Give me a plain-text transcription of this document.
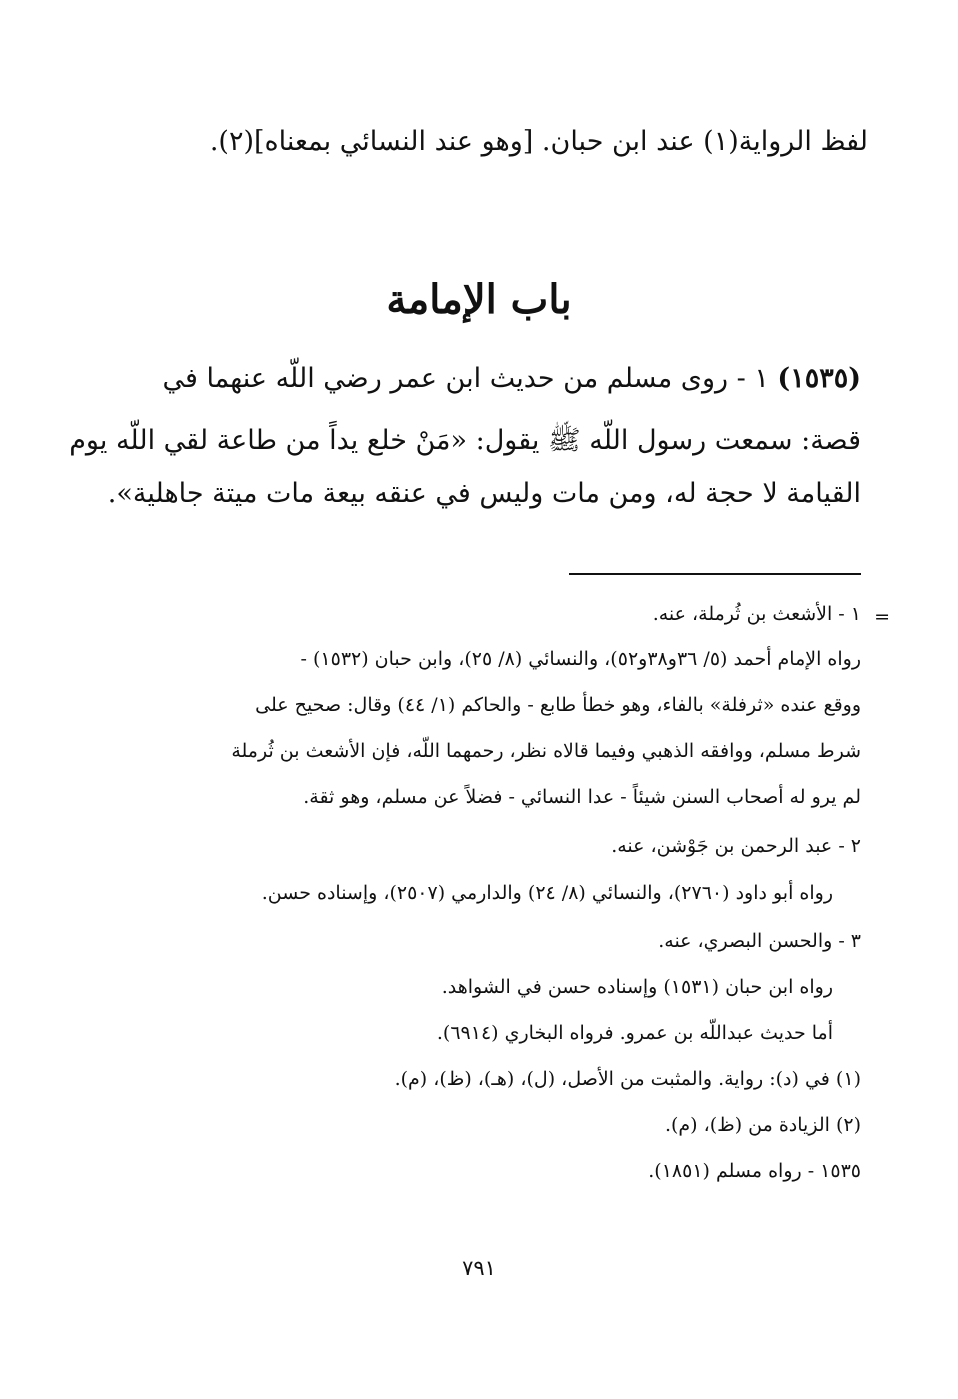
لفظ الرواية(١) عند ابن حبان. [وهو عند النسائي بمعناه](٢).
باب الإمامة
(١٥٣٥) ١ - روى مسلم من حديث ابن عمر رضي اللّه عنهما في
قصة: سمعت رسول اللّه ﷺ يقول: «مَنْ خلع يداً من طاعة لقي اللّه يوم
القيامة لا حجة له، ومن مات وليس في عنقه بيعة مات ميتة جاهلية».
=
١ - الأشعث بن ثُرملة، عنه.
رواه الإمام أحمد (٥/ ٣٦و٣٨و٥٢)، والنسائي (٨/ ٢٥)، وابن حبان (١٥٣٢) -
ووقع عنده «ثرفلة» بالفاء، وهو خطأ طابع - والحاكم (١/ ٤٤) وقال: صحيح على
شرط مسلم، ووافقه الذهبي وفيما قالاه نظر، رحمهما اللّه، فإن الأشعث بن ثُرملة
لم يرو له أصحاب السنن شيئاً - عدا النسائي - فضلاً عن مسلم، وهو ثقة.
٢ - عبد الرحمن بن جَوْشن، عنه.
رواه أبو داود (٢٧٦٠)، والنسائي (٨/ ٢٤) والدارمي (٢٥٠٧)، وإسناده حسن.
٣ - والحسن البصري، عنه.
رواه ابن حبان (١٥٣١) وإسناده حسن في الشواهد.
أما حديث عبداللّه بن عمرو. فرواه البخاري (٦٩١٤).
(١) في (د): رواية. والمثبت من الأصل، (ل)، (هـ)، (ظ)، (م).
(٢) الزيادة من (ظ)، (م).
١٥٣٥ - رواه مسلم (١٨٥١).
٧٩١
